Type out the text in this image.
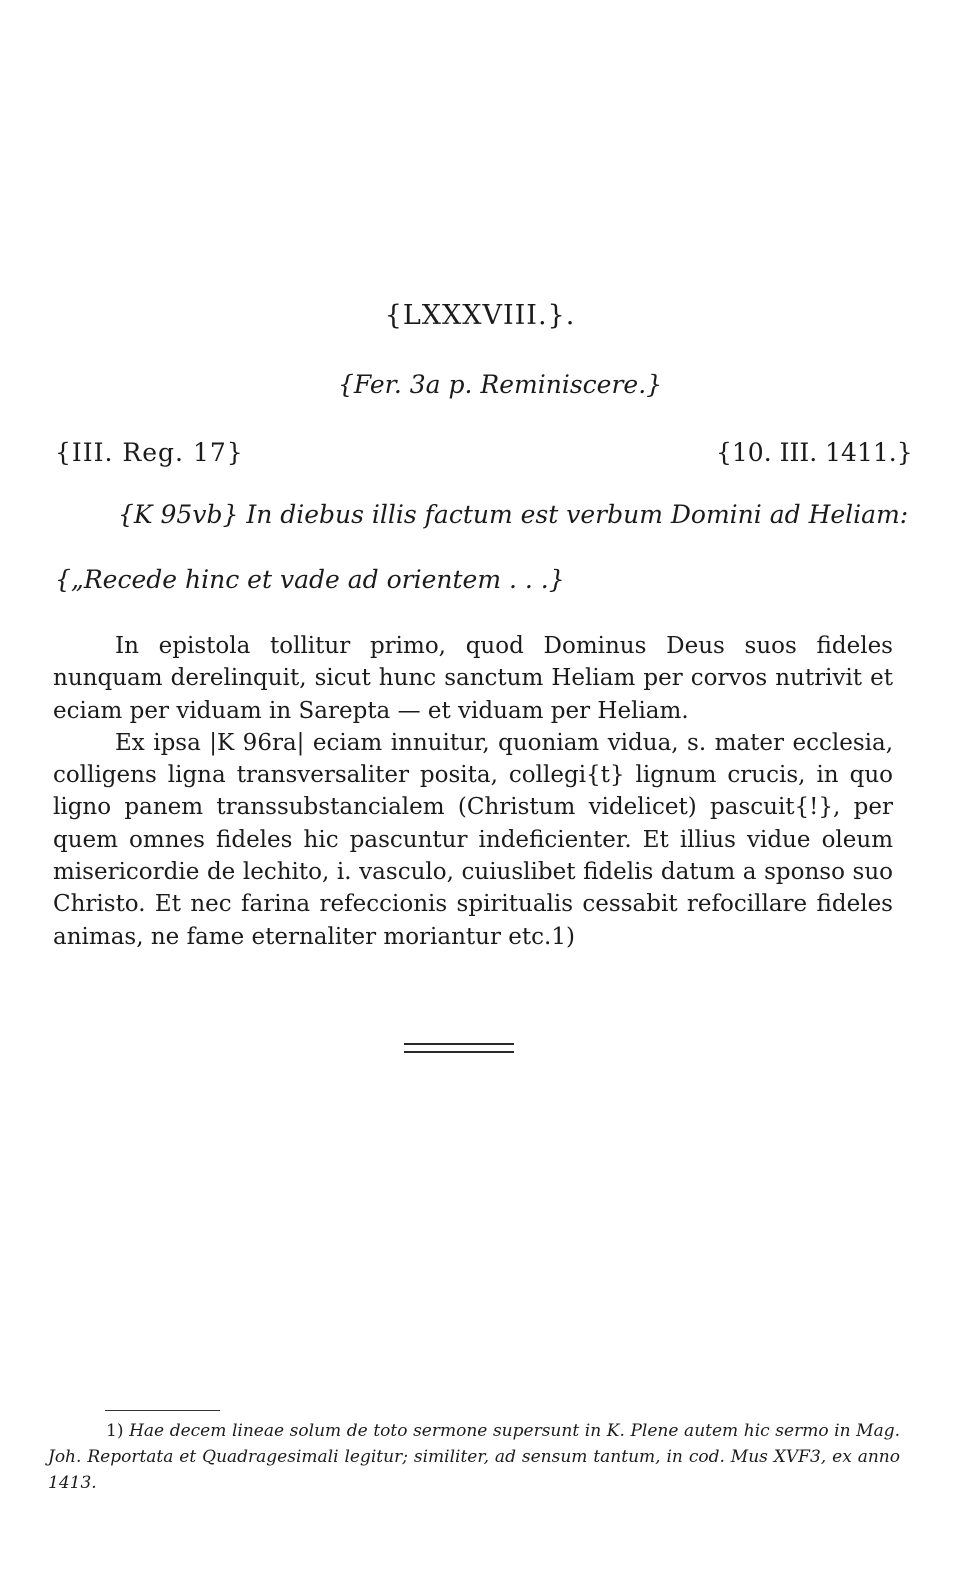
{LXXXVIII.}.
{Fer. 3a p. Reminiscere.}
{III. Reg. 17}	{10. III. 1411.}
{K 95vb} In diebus illis factum est verbum Domini ad Heliam:
{„Recede hinc et vade ad orientem . . .}

In epistola tollitur primo, quod Dominus Deus suos fideles nunquam derelinquit, sicut hunc sanctum Heliam per corvos nutrivit et eciam per viduam in Sarepta — et viduam per Heliam.

Ex ipsa |K 96ra| eciam innuitur, quoniam vidua, s. mater ecclesia, colligens ligna transversaliter posita, collegi{t} lignum crucis, in quo ligno panem transsubstancialem (Christum videlicet) pascuit{!}, per quem omnes fideles hic pascuntur indeficienter. Et illius vidue oleum misericordie de lechito, i. vasculo, cuiuslibet fidelis datum a sponso suo Christo. Et nec farina refeccionis spiritualis cessabit refocillare fideles animas, ne fame eternaliter moriantur etc.1)

1) Hae decem lineae solum de toto sermone supersunt in K. Plene autem hic sermo in Mag. Joh. Reportata et Quadragesimali legitur; similiter, ad sensum tantum, in cod. Mus XVF3, ex anno 1413.
